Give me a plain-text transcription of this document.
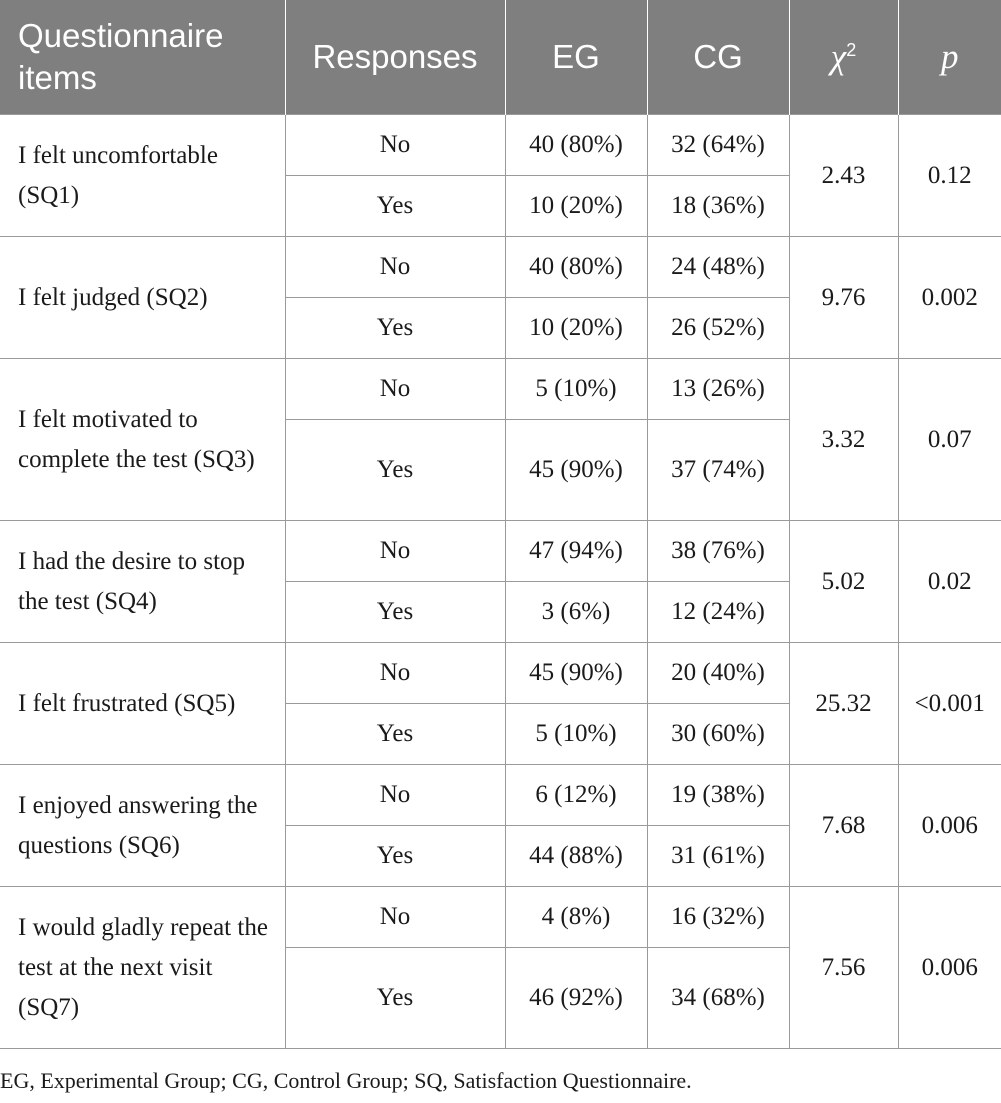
Questionnaire items	Responses	EG	CG	$\chi^2$	p
I felt uncomfortable (SQ1)	No	40 (80%)	32 (64%)	2.43	0.12
	Yes	10 (20%)	18 (36%)		
I felt judged (SQ2)	No	40 (80%)	24 (48%)	9.76	0.002
	Yes	10 (20%)	26 (52%)		
I felt motivated to complete the test (SQ3)	No	5 (10%)	13 (26%)	3.32	0.07
	Yes	45 (90%)	37 (74%)		
I had the desire to stop the test (SQ4)	No	47 (94%)	38 (76%)	5.02	0.02
	Yes	3 (6%)	12 (24%)		
I felt frustrated (SQ5)	No	45 (90%)	20 (40%)	25.32	<0.001
	Yes	5 (10%)	30 (60%)		
I enjoyed answering the questions (SQ6)	No	6 (12%)	19 (38%)	7.68	0.006
	Yes	44 (88%)	31 (61%)		
I would gladly repeat the test at the next visit (SQ7)	No	4 (8%)	16 (32%)	7.56	0.006
	Yes	46 (92%)	34 (68%)		
EG, Experimental Group; CG, Control Group; SQ, Satisfaction Questionnaire.
